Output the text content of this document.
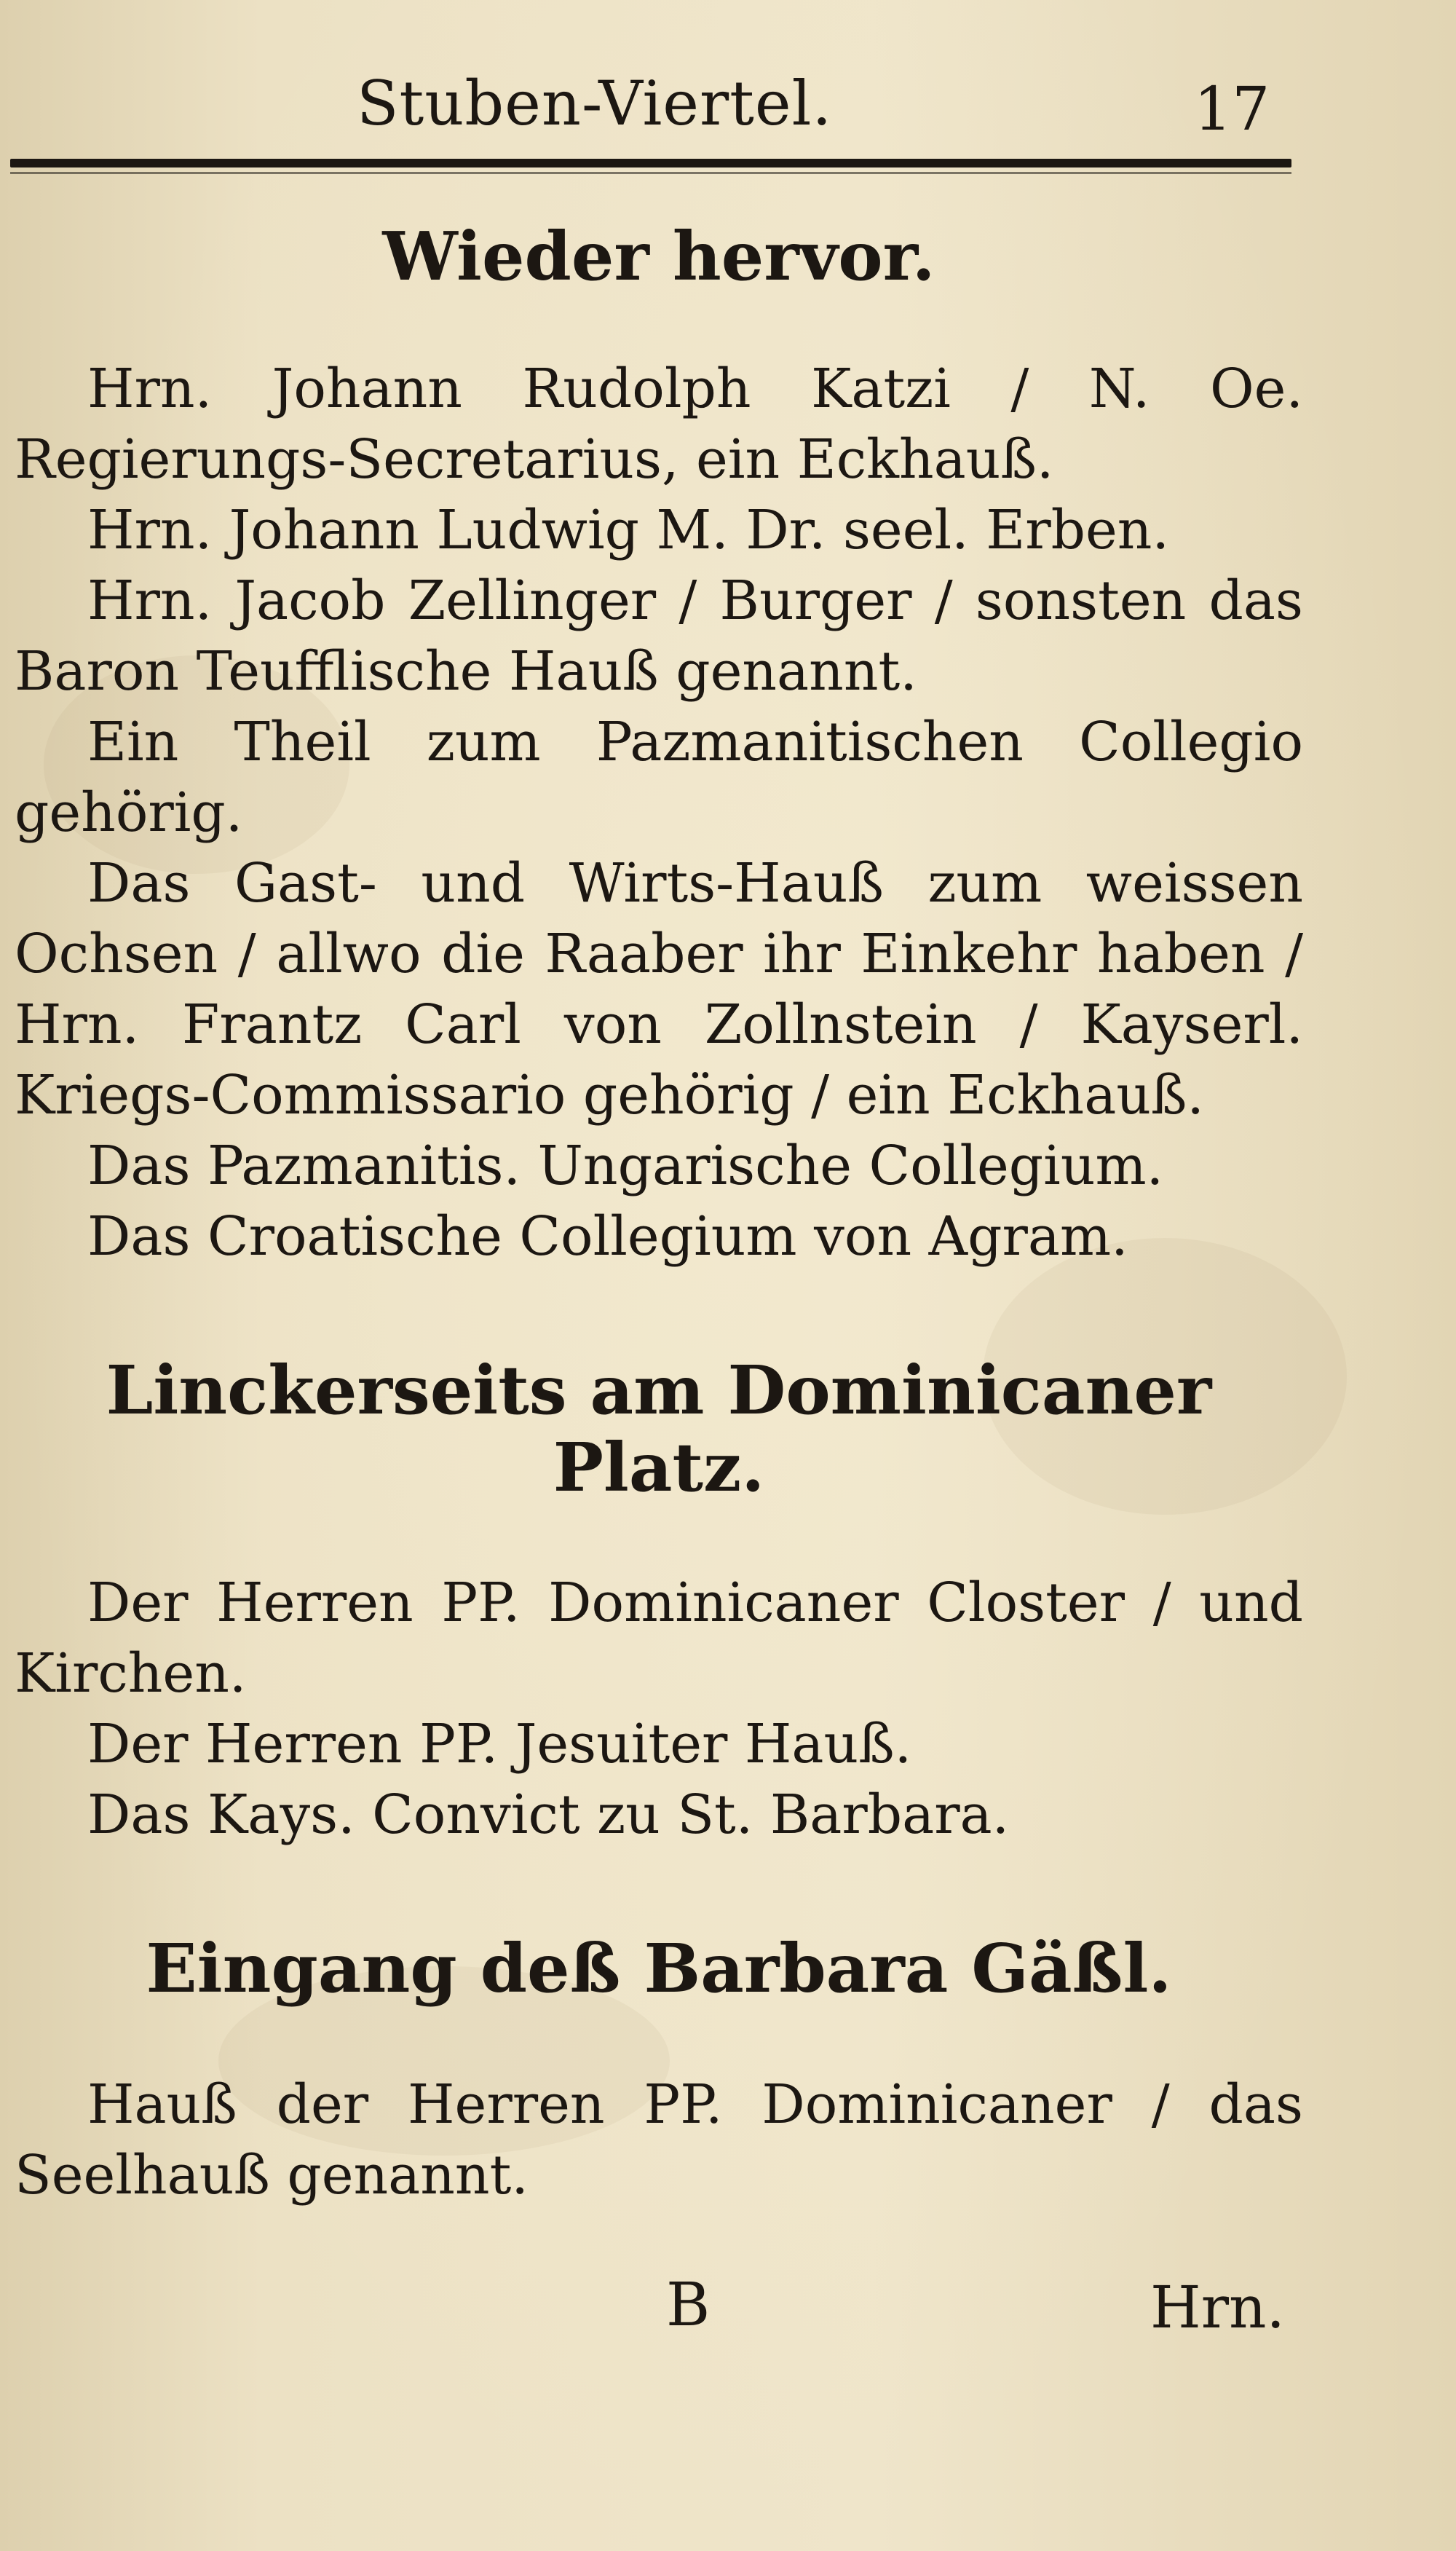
Stuben-Viertel.	17
Wieder hervor.

Hrn. Johann Rudolph Katzi / N. Oe. Regierungs-Secretarius, ein Eckhauß.

Hrn. Johann Ludwig M. Dr. seel. Erben.

Hrn. Jacob Zellinger / Burger / sonsten das Baron Teufflische Hauß genannt.

Ein Theil zum Pazmanitischen Collegio gehörig.

Das Gast- und Wirts-Hauß zum weissen Ochsen / allwo die Raaber ihr Einkehr haben / Hrn. Frantz Carl von Zollnstein / Kayserl. Kriegs-Commissario gehörig / ein Eckhauß.

Das Pazmanitis. Ungarische Collegium.

Das Croatische Collegium von Agram.

Linckerseits am Dominicaner Platz.

Der Herren PP. Dominicaner Closter / und Kirchen.

Der Herren PP. Jesuiter Hauß.

Das Kays. Convict zu St. Barbara.

Eingang deß Barbara Gäßl.

Hauß der Herren PP. Dominicaner / das Seelhauß genannt.

B	Hrn.
